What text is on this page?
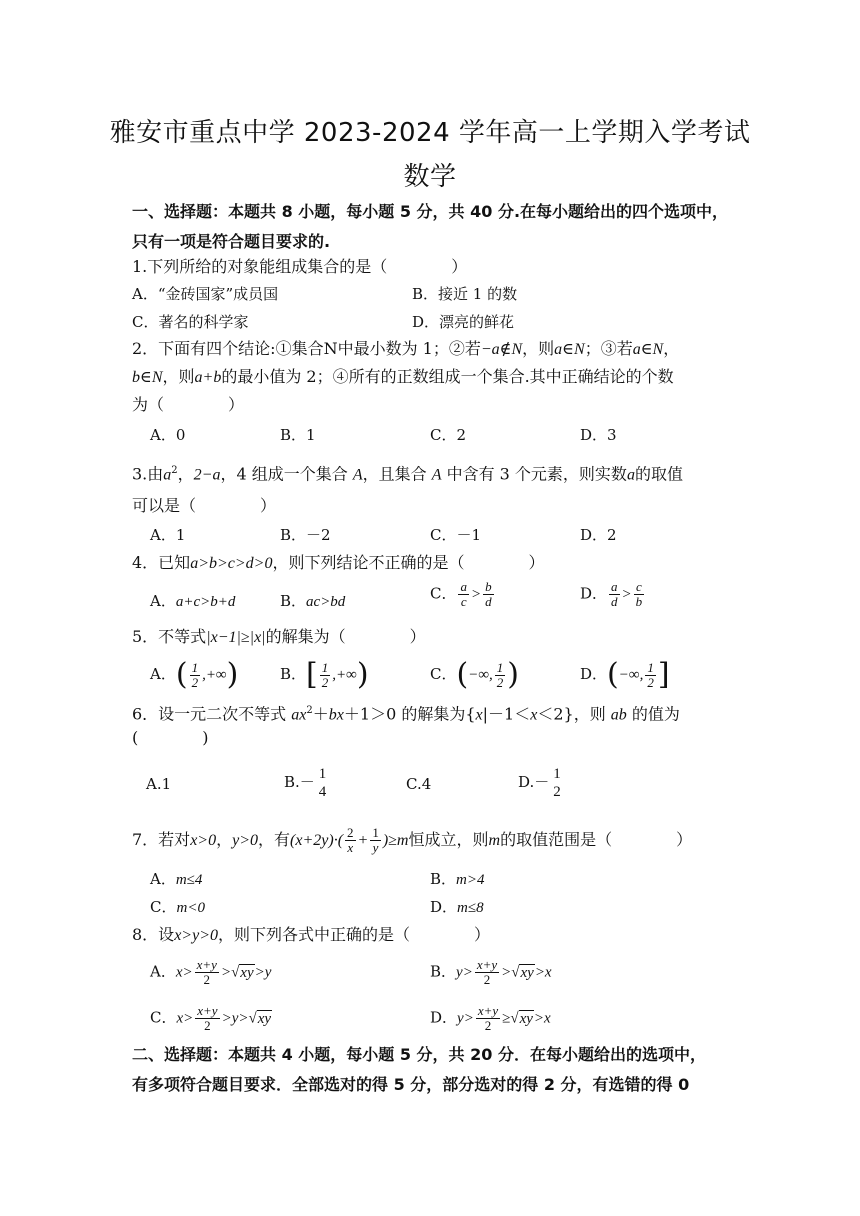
雅安市重点中学 2023-2024 学年高一上学期入学考试
数学
一、选择题：本题共 8 小题，每小题 5 分，共 40 分.在每小题给出的四个选项中，
只有一项是符合题目要求的.
1.下列所给的对象能组成集合的是（　　　　）
A．“金砖国家”成员国	B．接近 1 的数
C．著名的科学家	D．漂亮的鲜花
2．下面有四个结论:①集合N中最小数为 1；②若−a∉N，则a∈N；③若a∈N，
b∈N，则a+b的最小值为 2；④所有的正数组成一个集合.其中正确结论的个数
为（　　　　）
A．0	B．1	C．2	D．3
3.由$a^2$，2−a，4 组成一个集合 A，且集合 A 中含有 3 个元素，则实数a的取值
可以是（　　　　）
A．1	B．－2	C．－1	D．2
4．已知a>b>c>d>0，则下列结论不正确的是（　　　　）
A．a+c>b+d	B．ac>bd	C． $\frac{a}{c} > \frac{b}{d}$	D． $\frac{a}{d} > \frac{c}{b}$
5．不等式|x−1|≥|x|的解集为（　　　　）
A．( $\frac{1}{2}$ ,+∞)	B．[ $\frac{1}{2}$ ,+∞)	C．(−∞, $\frac{1}{2}$ )	D．(−∞, $\frac{1}{2}$ ]
6．设一元二次不等式 $ax^2+bx+1>0$ 的解集为{x|－1＜x＜2}，则 ab 的值为
(　　　　)
A.1	B.－ 1
4	C.4	D.－ 1
2
7．若对x>0，y>0，有$(x+2y)\cdot( \frac{2}{x} + \frac{1}{y} )\ge m$恒成立，则m的取值范围是（　　　　）
A．m≤4	B．m>4
C．m<0	D．m≤8
8．设x>y>0，则下列各式中正确的是（　　　　）
A．$x> \frac{x+y}{2} >√xy>y$	B．$y> \frac{x+y}{2} >√xy>x$
C．$x> \frac{x+y}{2} >y>√xy$	D．$y> \frac{x+y}{2} \ge√xy>x$
二、选择题：本题共 4 小题，每小题 5 分，共 20 分．在每小题给出的选项中，
有多项符合题目要求．全部选对的得 5 分，部分选对的得 2 分，有选错的得 0
